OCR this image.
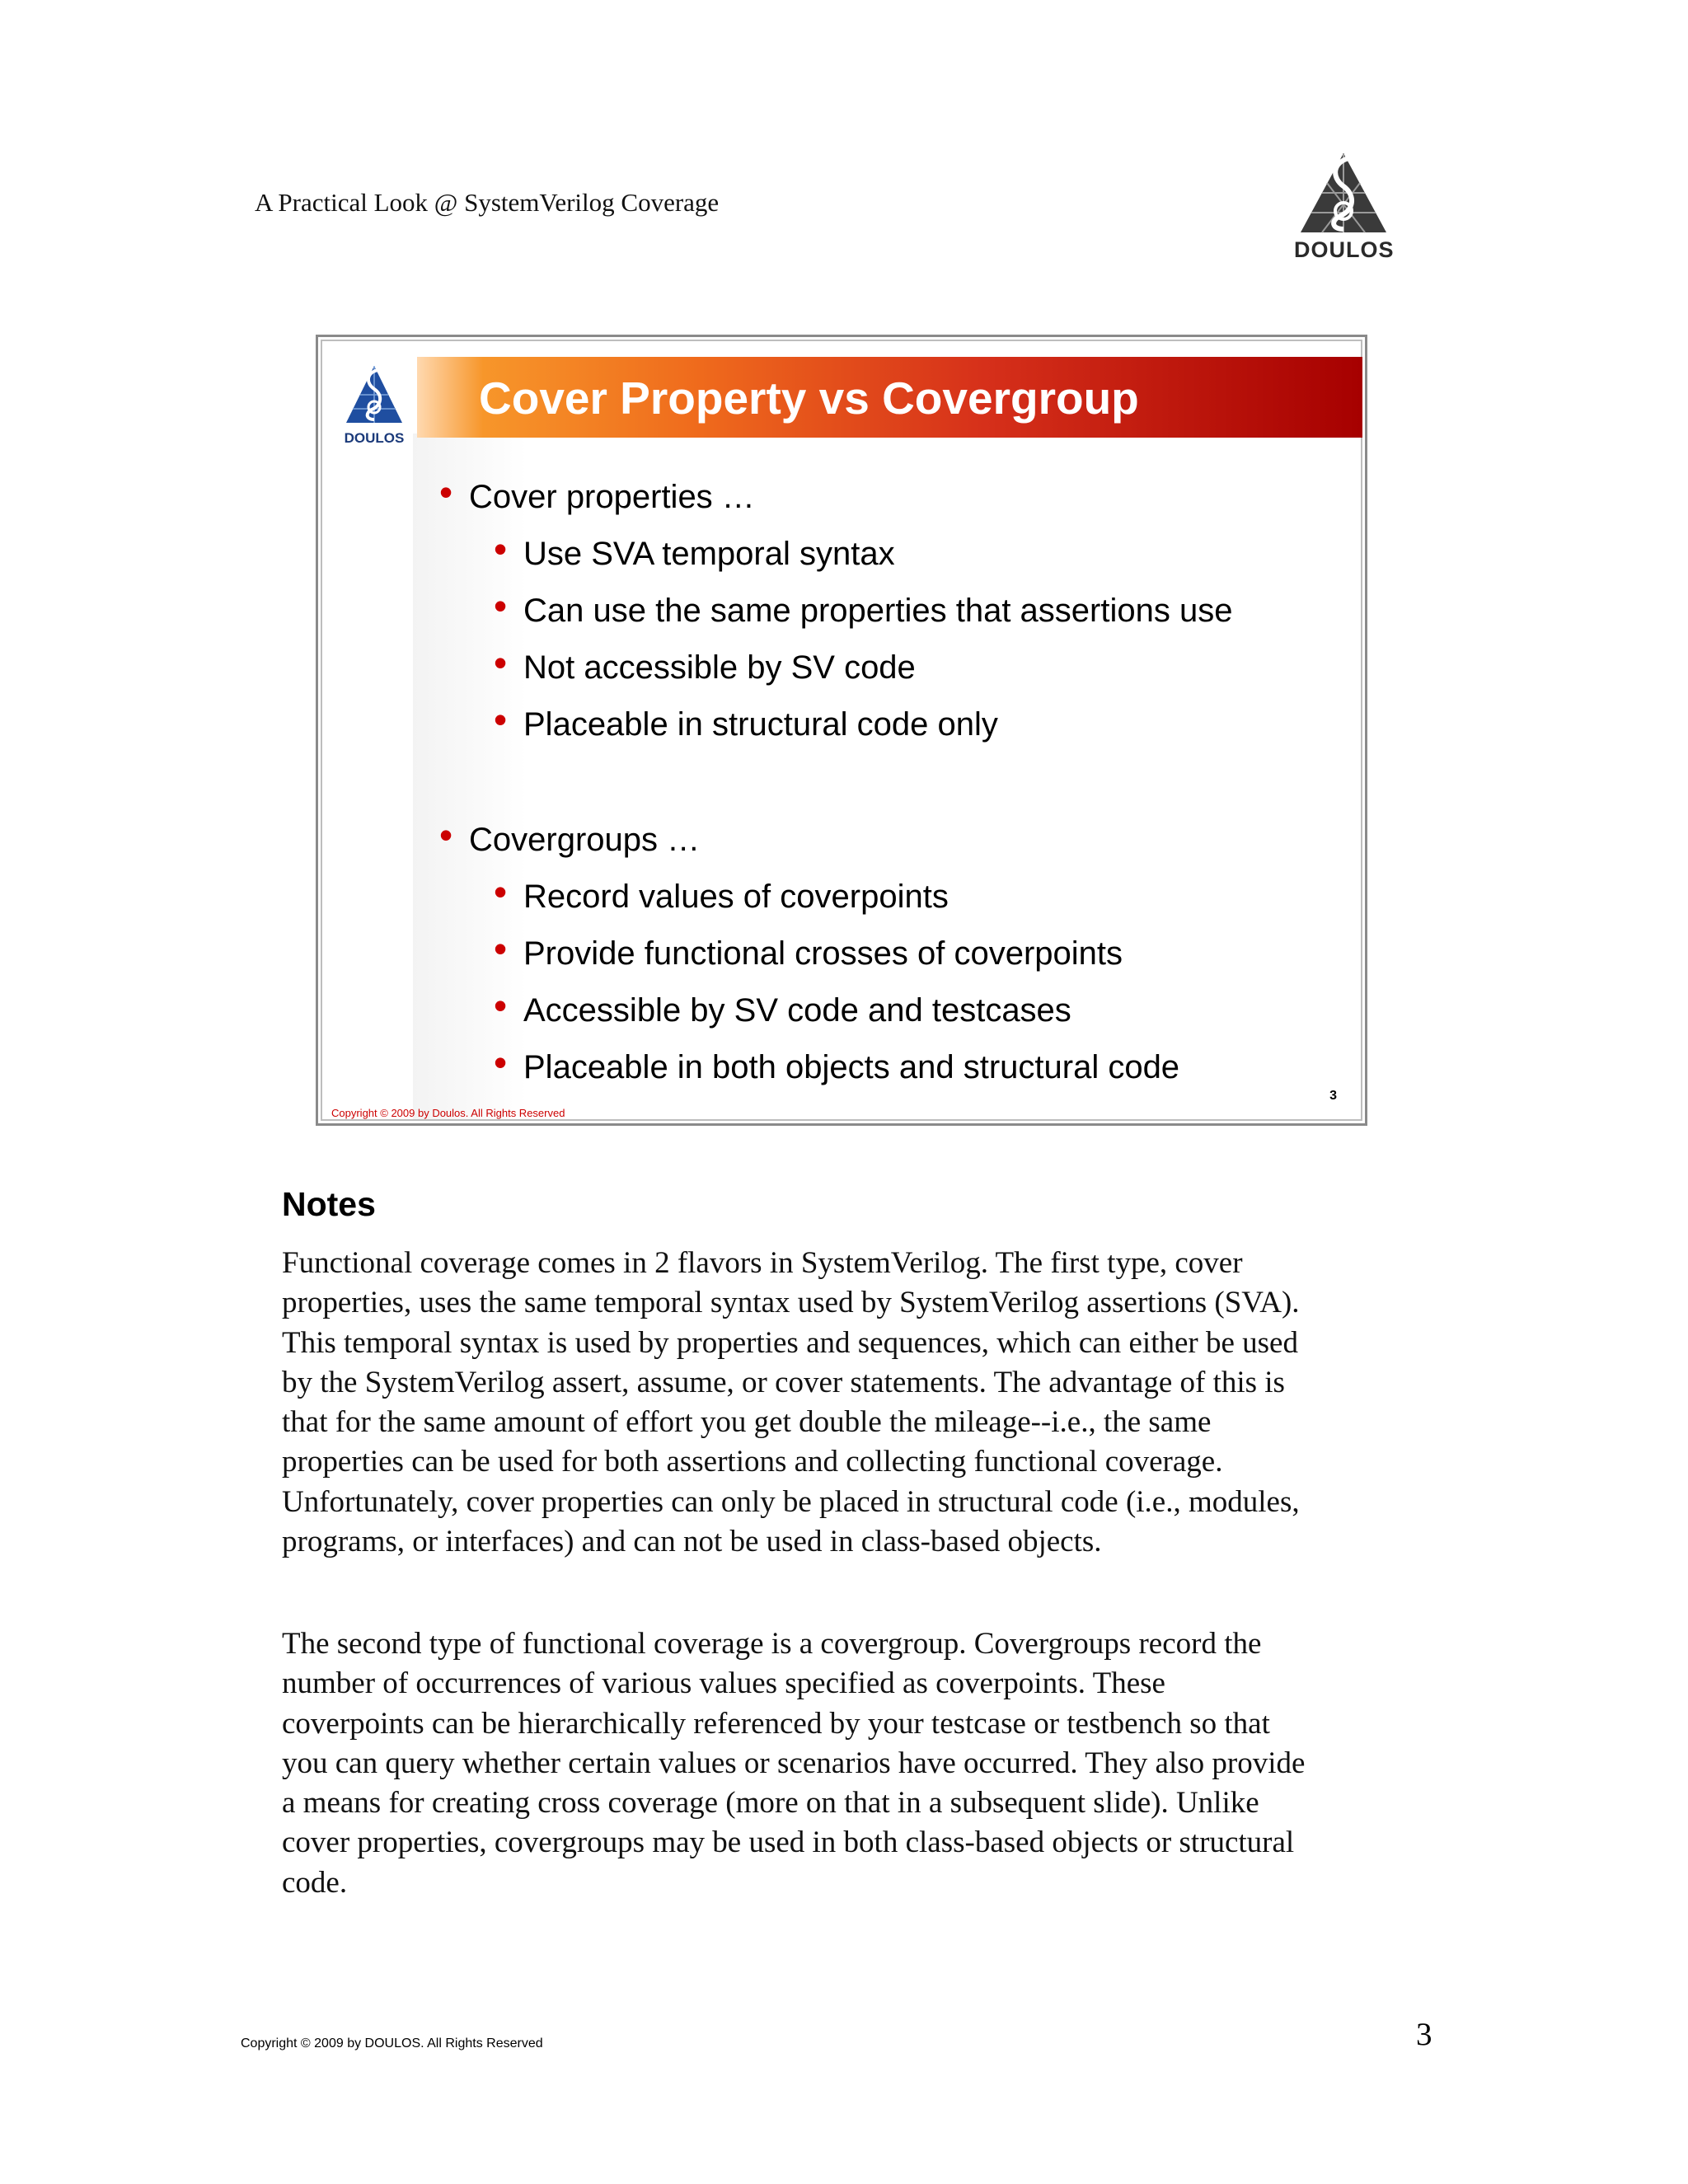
A Practical Look @ SystemVerilog Coverage
DOULOS
Cover Property vs Covergroup
DOULOS
• Cover properties …
• Use SVA temporal syntax
• Can use the same properties that assertions use
• Not accessible by SV code
• Placeable in structural code only
• Covergroups …
• Record values of coverpoints
• Provide functional crosses of coverpoints
• Accessible by SV code and testcases
• Placeable in both objects and structural code
Copyright © 2009 by Doulos. All Rights Reserved
3
Notes
Functional coverage comes in 2 flavors in SystemVerilog. The first type, cover
properties, uses the same temporal syntax used by SystemVerilog assertions (SVA).
This temporal syntax is used by properties and sequences, which can either be used
by the SystemVerilog assert, assume, or cover statements. The advantage of this is
that for the same amount of effort you get double the mileage--i.e., the same
properties can be used for both assertions and collecting functional coverage.
Unfortunately, cover properties can only be placed in structural code (i.e., modules,
programs, or interfaces) and can not be used in class-based objects.
The second type of functional coverage is a covergroup. Covergroups record the
number of occurrences of various values specified as coverpoints. These
coverpoints can be hierarchically referenced by your testcase or testbench so that
you can query whether certain values or scenarios have occurred. They also provide
a means for creating cross coverage (more on that in a subsequent slide). Unlike
cover properties, covergroups may be used in both class-based objects or structural
code.
Copyright © 2009 by DOULOS. All Rights Reserved	3
